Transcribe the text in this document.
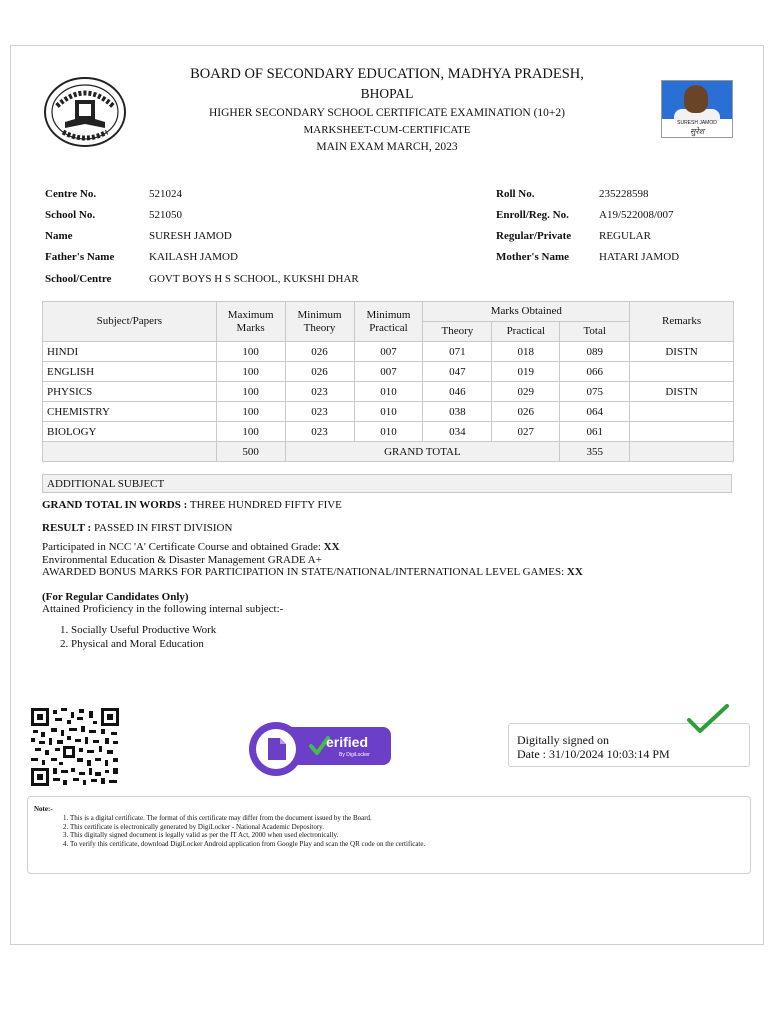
SURESH JAMOD
सुरेश
BOARD OF SECONDARY EDUCATION, MADHYA PRADESH,
BHOPAL
HIGHER SECONDARY SCHOOL CERTIFICATE EXAMINATION (10+2)
MARKSHEET-CUM-CERTIFICATE
MAIN EXAM MARCH, 2023
Centre No.	521024
School No.	521050
Name	SURESH JAMOD
Father's Name	KAILASH JAMOD
School/Centre	GOVT BOYS H S SCHOOL, KUKSHI DHAR
Roll No.	235228598
Enroll/Reg. No.	A19/522008/007
Regular/Private	REGULAR
Mother's Name	HATARI JAMOD
Subject/Papers	Maximum Marks	Minimum Theory	Minimum Practical	Marks Obtained			Remarks
				Theory	Practical	Total	
HINDI	100	026	007	071	018	089	DISTN
ENGLISH	100	026	007	047	019	066	
PHYSICS	100	023	010	046	029	075	DISTN
CHEMISTRY	100	023	010	038	026	064	
BIOLOGY	100	023	010	034	027	061	
	500	GRAND TOTAL				355	
ADDITIONAL SUBJECT
GRAND TOTAL IN WORDS : THREE HUNDRED FIFTY FIVE
RESULT : PASSED IN FIRST DIVISION
Participated in NCC 'A' Certificate Course and obtained Grade: XX
Environmental Education & Disaster Management GRADE A+
AWARDED BONUS MARKS FOR PARTICIPATION IN STATE/NATIONAL/INTERNATIONAL LEVEL GAMES: XX
(For Regular Candidates Only)
Attained Proficiency in the following internal subject:-
1. Socially Useful Productive Work
2. Physical and Moral Education
erified
By DigiLocker
Digitally signed on
Date : 31/10/2024 10:03:14 PM
Note:-
1. This is a digital certificate. The format of this certificate may differ from the document issued by the Board.
2. This certificate is electronically generated by DigiLocker - National Academic Depository.
3. This digitally signed document is legally valid as per the IT Act, 2000 when used electronically.
4. To verify this certificate, download DigiLocker Android application from Google Play and scan the QR code on the certificate.
